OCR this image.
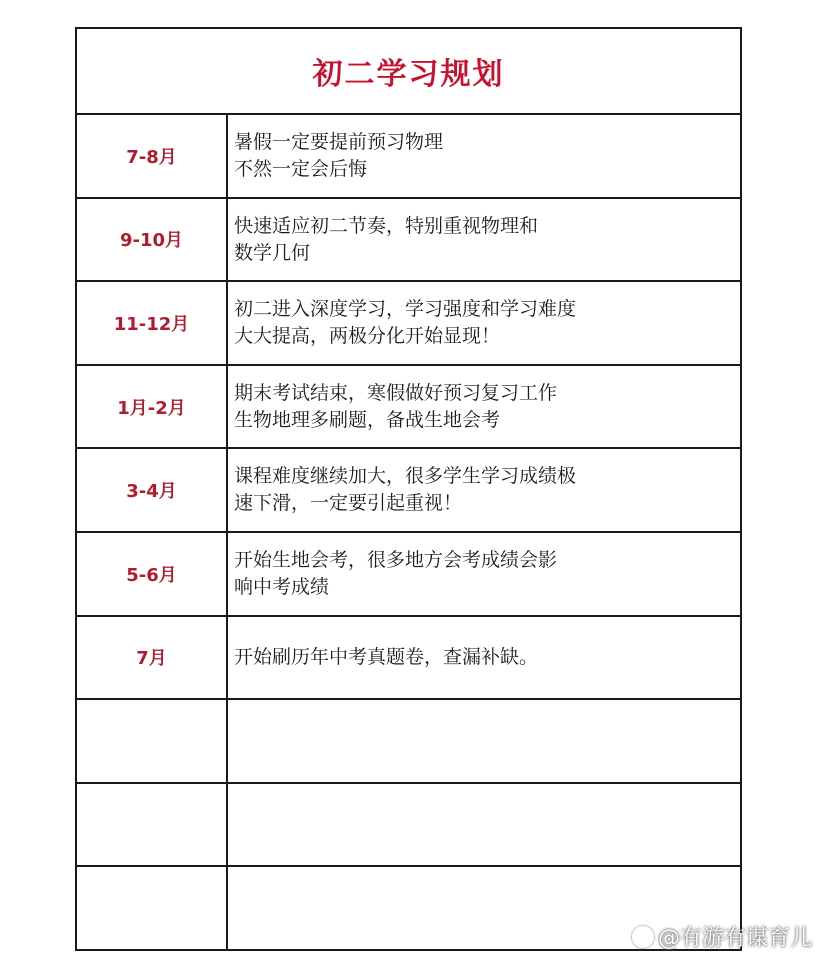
初二学习规划
7-8月
暑假一定要提前预习物理
不然一定会后悔
9-10月
快速适应初二节奏，特别重视物理和
数学几何
11-12月
初二进入深度学习，学习强度和学习难度
大大提高，两极分化开始显现！
1月-2月
期末考试结束，寒假做好预习复习工作
生物地理多刷题，备战生地会考
3-4月
课程难度继续加大，很多学生学习成绩极
速下滑，一定要引起重视！
5-6月
开始生地会考，很多地方会考成绩会影
响中考成绩
7月	开始刷历年中考真题卷，查漏补缺。
@有游有谋育儿
